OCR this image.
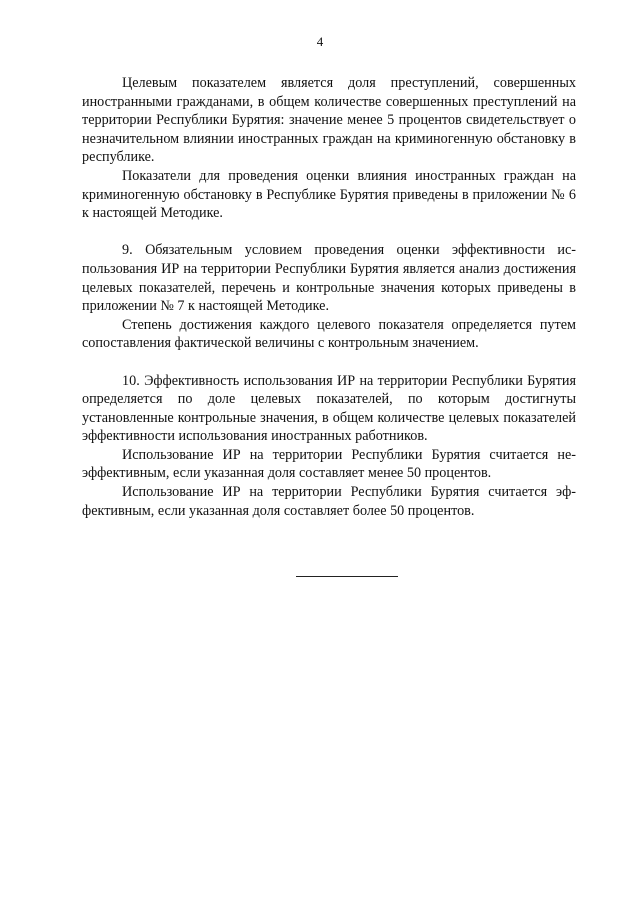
4

Целевым показателем является доля преступлений, совершенных иностранными гражданами, в общем количестве совершенных преступлений на территории Республики Бурятия: значение менее 5 процентов свидетельствует о незначительном влиянии иностранных граждан на криминогенную обстановку в республике.

Показатели для проведения оценки влияния иностранных граждан на криминогенную обстановку в Республике Бурятия приведены в приложении № 6 к настоящей Методике.

9. Обязательным условием проведения оценки эффективности использования ИР на территории Республики Бурятия является анализ достижения целевых показателей, перечень и контрольные значения которых приведены в приложении № 7 к настоящей Методике.

Степень достижения каждого целевого показателя определяется путем сопоставления фактической величины с контрольным значением.

10. Эффективность использования ИР на территории Республики Бурятия определяется по доле целевых показателей, по которым достигнуты установленные контрольные значения, в общем количестве целевых показателей эффективности использования иностранных работников.

Использование ИР на территории Республики Бурятия считается неэффективным, если указанная доля составляет менее 50 процентов.

Использование ИР на территории Республики Бурятия считается эффективным, если указанная доля составляет более 50 процентов.
